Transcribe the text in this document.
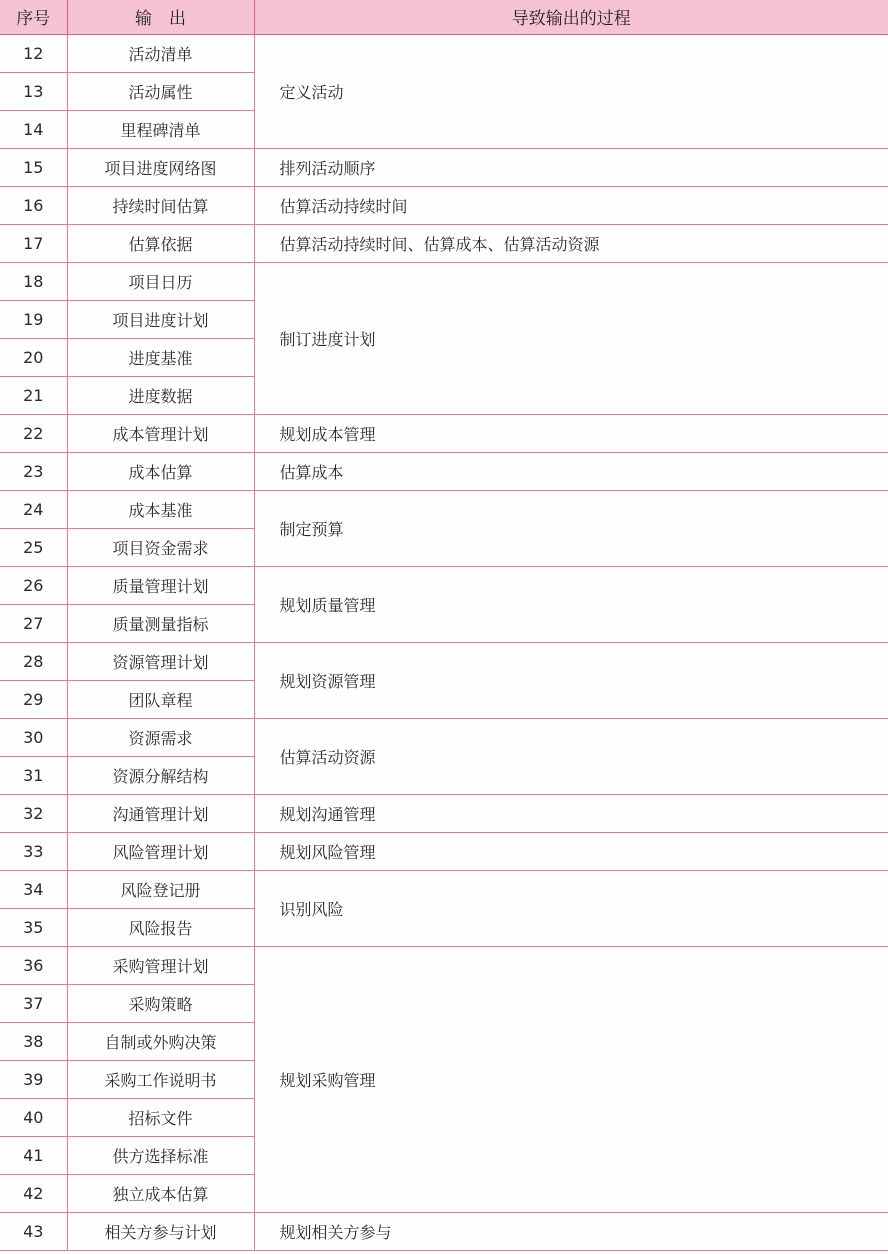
序号	输　出	导致输出的过程
12	活动清单	定义活动
13	活动属性	
14	里程碑清单	
15	项目进度网络图	排列活动顺序
16	持续时间估算	估算活动持续时间
17	估算依据	估算活动持续时间、估算成本、估算活动资源
18	项目日历	制订进度计划
19	项目进度计划	
20	进度基准	
21	进度数据	
22	成本管理计划	规划成本管理
23	成本估算	估算成本
24	成本基准	制定预算
25	项目资金需求	
26	质量管理计划	规划质量管理
27	质量测量指标	
28	资源管理计划	规划资源管理
29	团队章程	
30	资源需求	估算活动资源
31	资源分解结构	
32	沟通管理计划	规划沟通管理
33	风险管理计划	规划风险管理
34	风险登记册	识别风险
35	风险报告	
36	采购管理计划	规划采购管理
37	采购策略	
38	自制或外购决策	
39	采购工作说明书	
40	招标文件	
41	供方选择标准	
42	独立成本估算	
43	相关方参与计划	规划相关方参与
